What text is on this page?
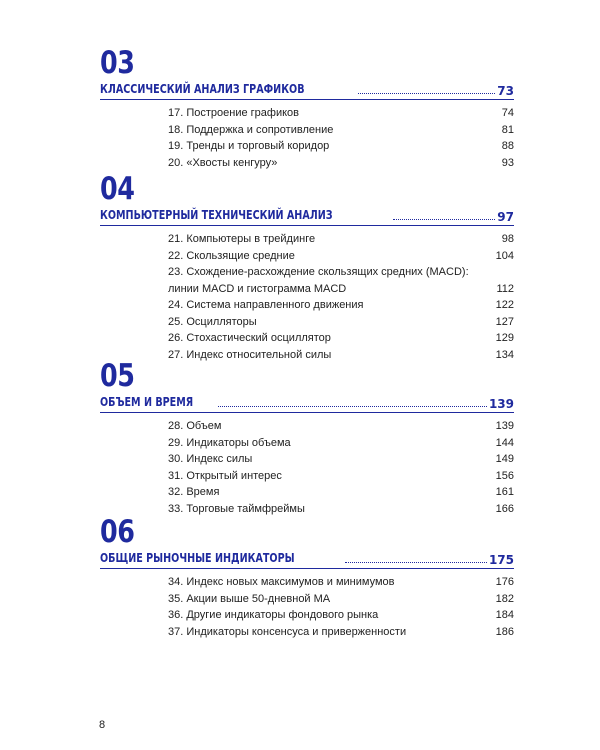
03
КЛАССИЧЕСКИЙ АНАЛИЗ ГРАФИКОВ	73
17. Построение графиков	74
18. Поддержка и сопротивление	81
19. Тренды и торговый коридор	88
20. «Хвосты кенгуру»	93
04
КОМПЬЮТЕРНЫЙ ТЕХНИЧЕСКИЙ АНАЛИЗ	97
21. Компьютеры в трейдинге	98
22. Скользящие средние	104
23. Схождение-расхождение скользящих средних (MACD):
линии MACD и гистограмма MACD	112
24. Система направленного движения	122
25. Осцилляторы	127
26. Стохастический осциллятор	129
27. Индекс относительной силы	134
05
ОБЪЕМ И ВРЕМЯ	139
28. Объем	139
29. Индикаторы объема	144
30. Индекс силы	149
31. Открытый интерес	156
32. Время	161
33. Торговые таймфреймы	166
06
ОБЩИЕ РЫНОЧНЫЕ ИНДИКАТОРЫ	175
34. Индекс новых максимумов и минимумов	176
35. Акции выше 50-дневной MA	182
36. Другие индикаторы фондового рынка	184
37. Индикаторы консенсуса и приверженности	186
8
